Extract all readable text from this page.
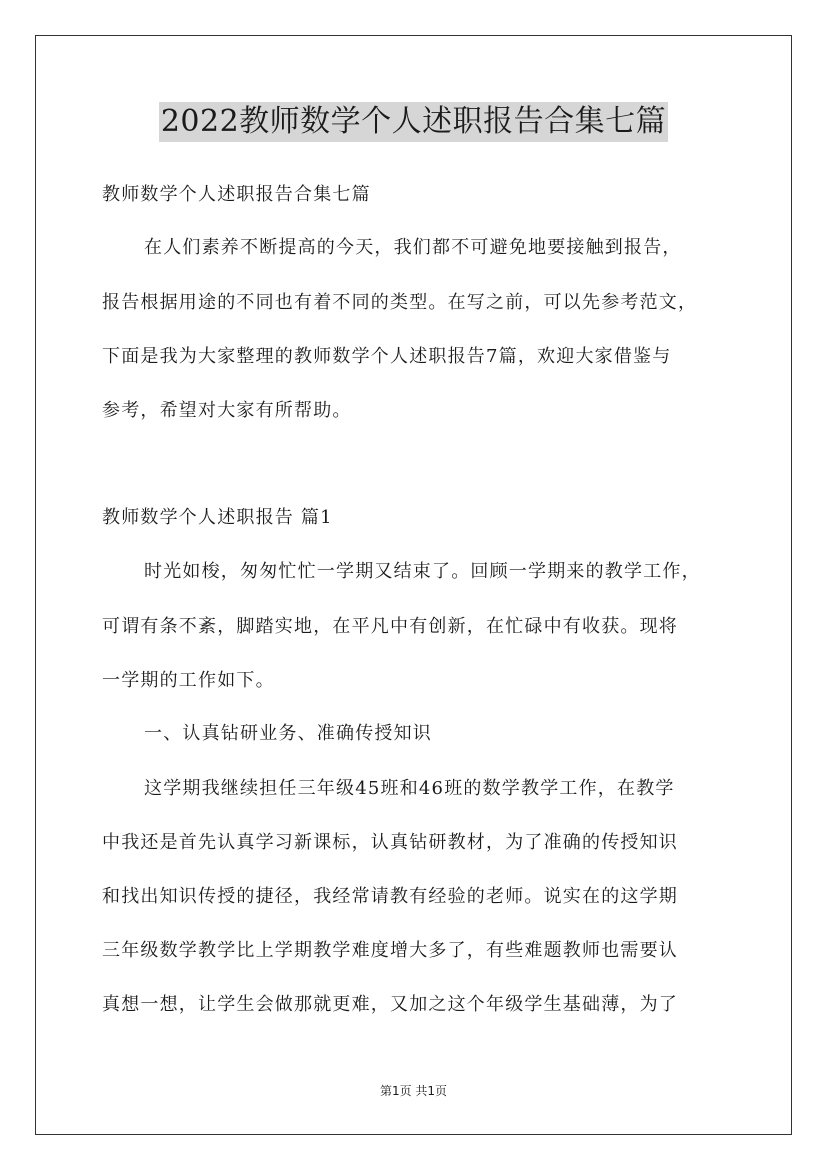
2022教师数学个人述职报告合集七篇

教师数学个人述职报告合集七篇

在人们素养不断提高的今天，我们都不可避免地要接触到报告，

报告根据用途的不同也有着不同的类型。在写之前，可以先参考范文，

下面是我为大家整理的教师数学个人述职报告7篇，欢迎大家借鉴与

参考，希望对大家有所帮助。

教师数学个人述职报告 篇1

时光如梭，匆匆忙忙一学期又结束了。回顾一学期来的教学工作，

可谓有条不紊，脚踏实地，在平凡中有创新，在忙碌中有收获。现将

一学期的工作如下。

一、认真钻研业务、准确传授知识

这学期我继续担任三年级45班和46班的数学教学工作，在教学

中我还是首先认真学习新课标，认真钻研教材，为了准确的传授知识

和找出知识传授的捷径，我经常请教有经验的老师。说实在的这学期

三年级数学教学比上学期教学难度增大多了，有些难题教师也需要认

真想一想，让学生会做那就更难，又加之这个年级学生基础薄，为了

第1页 共1页
